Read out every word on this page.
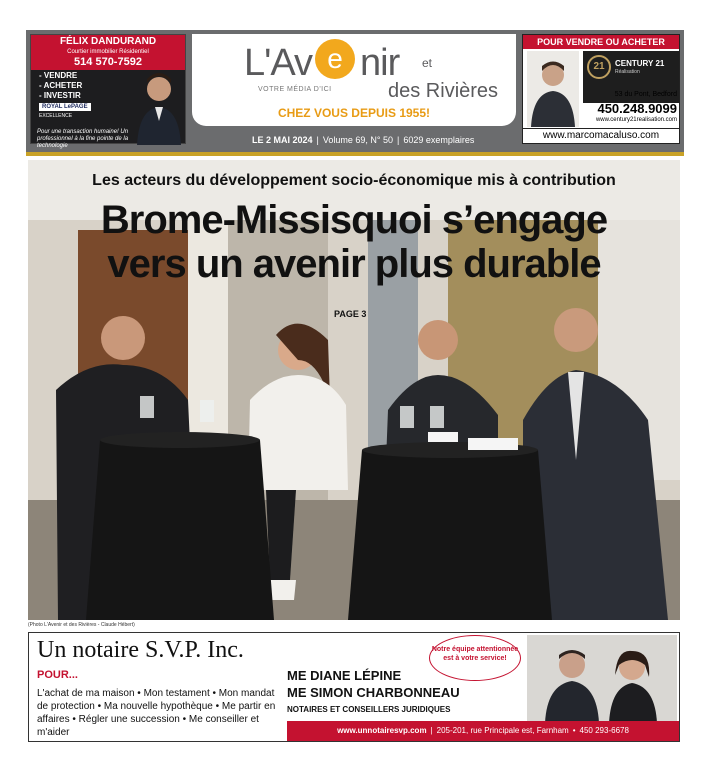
FÉLIX DANDURAND
Courtier immobilier Résidentiel
514 570-7592
- VENDRE
- ACHETER
- INVESTIR
ROYAL LePAGE
EXCELLENCE
Pour une transaction humaine! Un professionnel à la fine pointe de la technologie
L'Av e nir et
des Rivières
VOTRE MÉDIA D'ICI
CHEZ VOUS DEPUIS 1955!
LE 2 MAI 2024 | Volume 69, N° 50 | 6029 exemplaires
POUR VENDRE OU ACHETER
21	CENTURY 21
Réalisation
53 du Pont, Bedford
450.248.9099
www.century21realisation.com
www.marcomacaluso.com
Les acteurs du développement socio-économique mis à contribution
Brome-Missisquoi s’engage
vers un avenir plus durable
PAGE 3
(Photo L'Avenir et des Rivières - Claude Hébert)
Un notaire S.V.P. Inc.
POUR...
L'achat de ma maison • Mon testament • Mon mandat de protection • Ma nouvelle hypothèque • Me partir en affaires • Régler une succession • Me conseiller et m'aider
Notre équipe attentionnée est à votre service!
ME DIANE LÉPINE
ME SIMON CHARBONNEAU
NOTAIRES ET CONSEILLERS JURIDIQUES
www.unnotairesvp.com | 205-201, rue Principale est, Farnham • 450 293-6678
